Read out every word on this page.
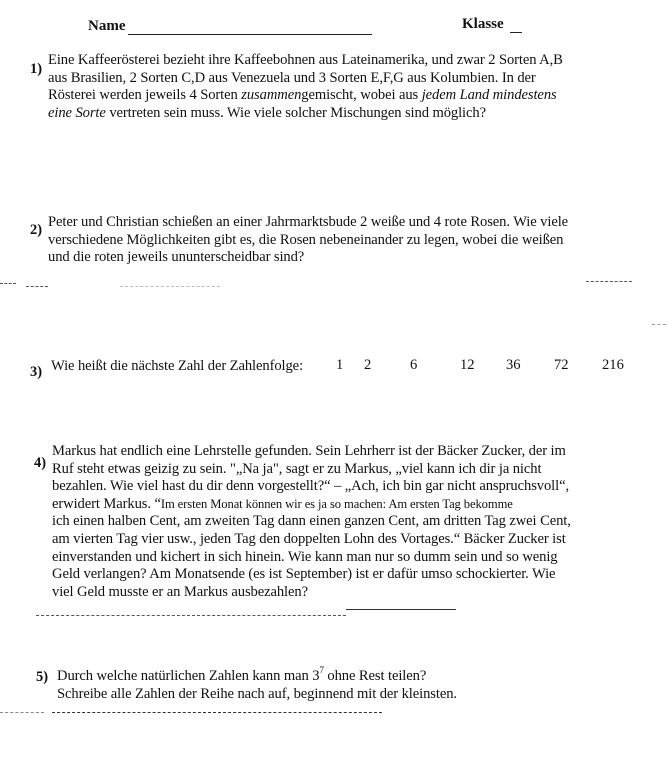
Name	Klasse
1)
Eine Kaffeerösterei bezieht ihre Kaffeebohnen aus Lateinamerika, und zwar 2 Sorten A,B
aus Brasilien, 2 Sorten C,D aus Venezuela und 3 Sorten E,F,G aus Kolumbien. In der
Rösterei werden jeweils 4 Sorten zusammengemischt, wobei aus jedem Land mindestens
eine Sorte vertreten sein muss. Wie viele solcher Mischungen sind möglich?
2) Peter und Christian schießen an einer Jahrmarktsbude 2 weiße und 4 rote Rosen. Wie viele
verschiedene Möglichkeiten gibt es, die Rosen nebeneinander zu legen, wobei die weißen
und die roten jeweils ununterscheidbar sind?
3) Wie heißt die nächste Zahl der Zahlenfolge: 1 2	6	12 36 72 216
4)
Markus hat endlich eine Lehrstelle gefunden. Sein Lehrherr ist der Bäcker Zucker, der im
Ruf steht etwas geizig zu sein. "„Na ja", sagt er zu Markus, „viel kann ich dir ja nicht
bezahlen. Wie viel hast du dir denn vorgestellt?“ – „Ach, ich bin gar nicht anspruchsvoll“,
erwidert Markus. “Im ersten Monat können wir es ja so machen: Am ersten Tag bekomme
ich einen halben Cent, am zweiten Tag dann einen ganzen Cent, am dritten Tag zwei Cent,
am vierten Tag vier usw., jeden Tag den doppelten Lohn des Vortages.“ Bäcker Zucker ist
einverstanden und kichert in sich hinein. Wie kann man nur so dumm sein und so wenig
Geld verlangen? Am Monatsende (es ist September) ist er dafür umso schockierter. Wie
viel Geld musste er an Markus ausbezahlen?
5) Durch welche natürlichen Zahlen kann man $3^7$ ohne Rest teilen?
Schreibe alle Zahlen der Reihe nach auf, beginnend mit der kleinsten.
